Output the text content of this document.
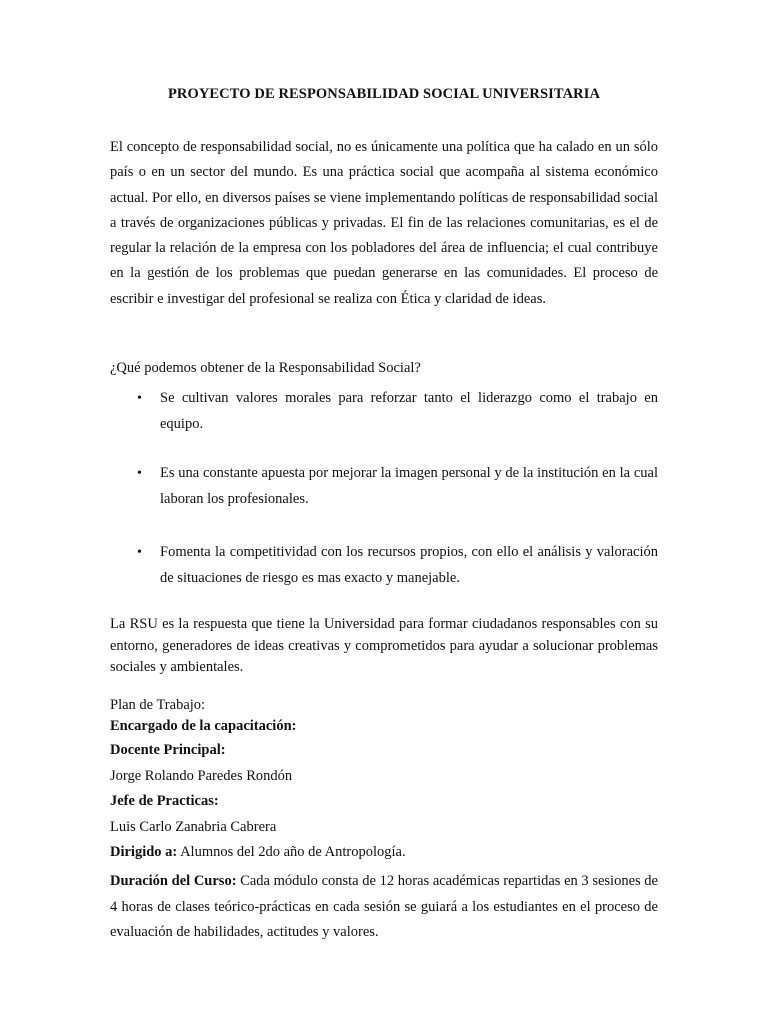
PROYECTO DE RESPONSABILIDAD SOCIAL UNIVERSITARIA
El concepto de responsabilidad social, no es únicamente una política que ha calado en un sólo país o en un sector del mundo. Es una práctica social que acompaña al sistema económico actual. Por ello, en diversos países se viene implementando políticas de responsabilidad social a través de organizaciones públicas y privadas. El fin de las relaciones comunitarias, es el de regular la relación de la empresa con los pobladores del área de influencia; el cual contribuye en la gestión de los problemas que puedan generarse en las comunidades. El proceso de escribir e investigar del profesional se realiza con Ética y claridad de ideas.
¿Qué podemos obtener de la Responsabilidad Social?
• Se cultivan valores morales para reforzar tanto el liderazgo como el trabajo en equipo.
• Es una constante apuesta por mejorar la imagen personal y de la institución en la cual laboran los profesionales.
• Fomenta la competitividad con los recursos propios, con ello el análisis y valoración de situaciones de riesgo es mas exacto y manejable.
La RSU es la respuesta que tiene la Universidad para formar ciudadanos responsables con su entorno, generadores de ideas creativas y comprometidos para ayudar a solucionar problemas sociales y ambientales.
Plan de Trabajo:
Encargado de la capacitación:
Docente Principal:
Jorge Rolando Paredes Rondón
Jefe de Practicas:
Luis Carlo Zanabria Cabrera
Dirigido a: Alumnos del 2do año de Antropología.
Duración del Curso: Cada módulo consta de 12 horas académicas repartidas en 3 sesiones de 4 horas de clases teórico-prácticas en cada sesión se guiará a los estudiantes en el proceso de evaluación de habilidades, actitudes y valores.
